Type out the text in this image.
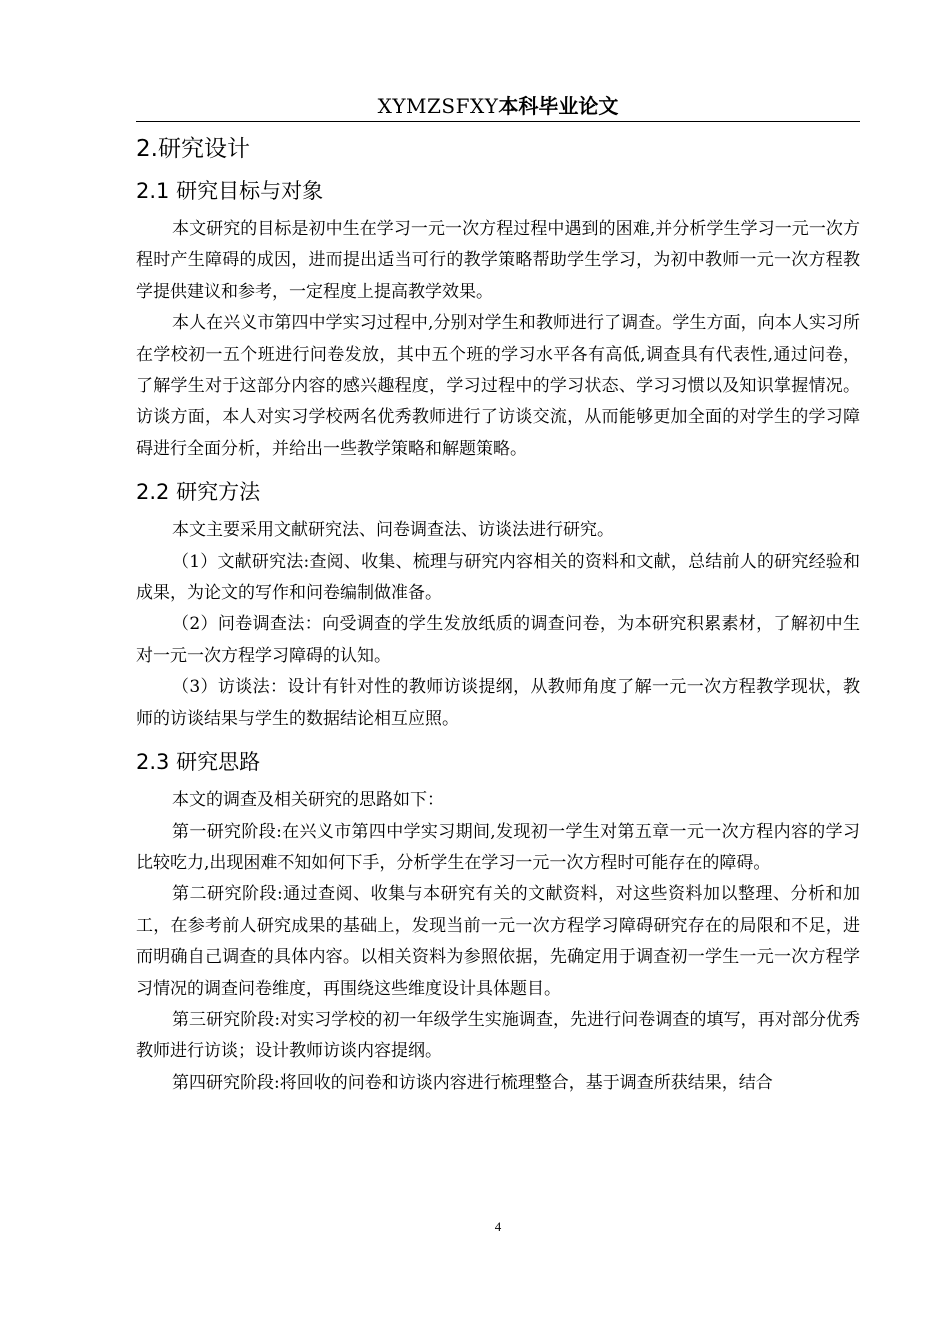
XYMZSFXY本科毕业论文
2.研究设计
2.1 研究目标与对象

本文研究的目标是初中生在学习一元一次方程过程中遇到的困难,并分析学生学习一元一次方程时产生障碍的成因，进而提出适当可行的教学策略帮助学生学习，为初中教师一元一次方程教学提供建议和参考，一定程度上提高教学效果。

本人在兴义市第四中学实习过程中,分别对学生和教师进行了调查。学生方面，向本人实习所在学校初一五个班进行问卷发放，其中五个班的学习水平各有高低,调查具有代表性,通过问卷，了解学生对于这部分内容的感兴趣程度，学习过程中的学习状态、学习习惯以及知识掌握情况。访谈方面，本人对实习学校两名优秀教师进行了访谈交流，从而能够更加全面的对学生的学习障碍进行全面分析，并给出一些教学策略和解题策略。

2.2 研究方法

本文主要采用文献研究法、问卷调查法、访谈法进行研究。

（1）文献研究法:查阅、收集、梳理与研究内容相关的资料和文献，总结前人的研究经验和成果，为论文的写作和问卷编制做准备。

（2）问卷调查法：向受调查的学生发放纸质的调查问卷，为本研究积累素材，了解初中生对一元一次方程学习障碍的认知。

（3）访谈法：设计有针对性的教师访谈提纲，从教师角度了解一元一次方程教学现状，教师的访谈结果与学生的数据结论相互应照。

2.3 研究思路

本文的调查及相关研究的思路如下：

第一研究阶段:在兴义市第四中学实习期间,发现初一学生对第五章一元一次方程内容的学习比较吃力,出现困难不知如何下手，分析学生在学习一元一次方程时可能存在的障碍。

第二研究阶段:通过查阅、收集与本研究有关的文献资料，对这些资料加以整理、分析和加工，在参考前人研究成果的基础上，发现当前一元一次方程学习障碍研究存在的局限和不足，进而明确自己调查的具体内容。以相关资料为参照依据，先确定用于调查初一学生一元一次方程学习情况的调查问卷维度，再围绕这些维度设计具体题目。

第三研究阶段:对实习学校的初一年级学生实施调查，先进行问卷调查的填写，再对部分优秀教师进行访谈；设计教师访谈内容提纲。

第四研究阶段:将回收的问卷和访谈内容进行梳理整合，基于调查所获结果，结合

4
